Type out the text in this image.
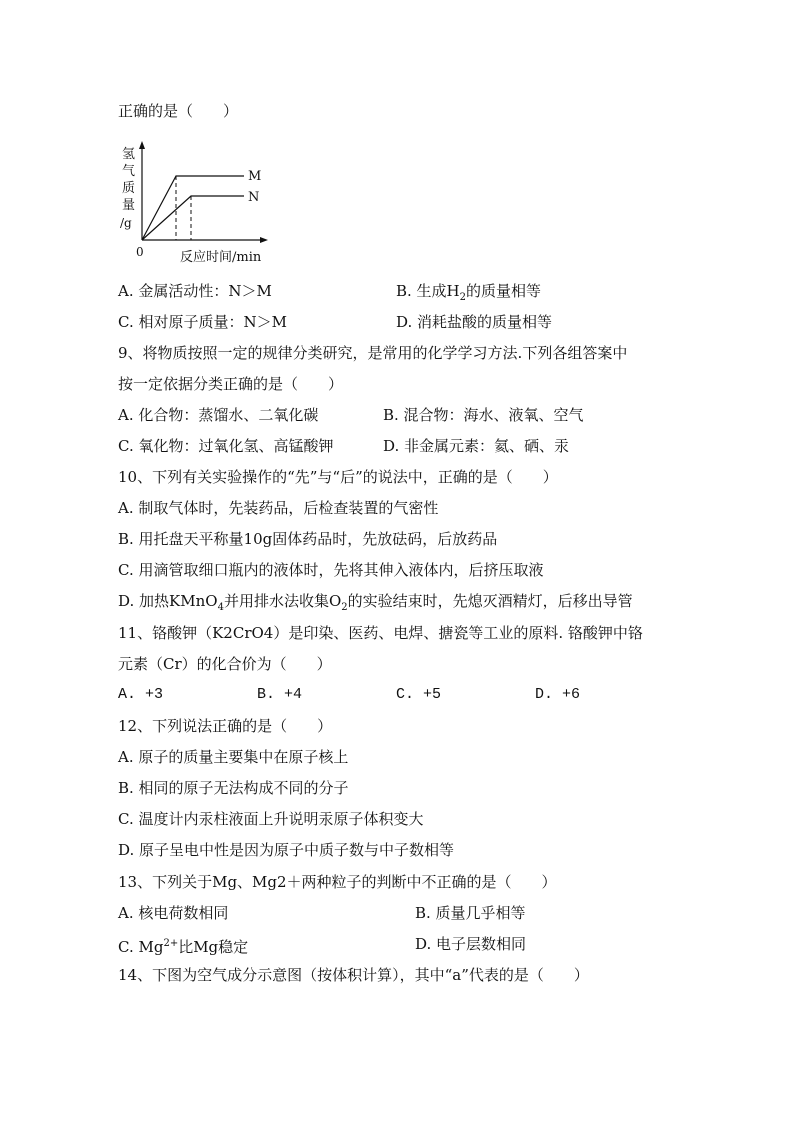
正确的是（　　）
氢
气
质
量
/g
M
N
0	反应时间/min
A. 金属活动性：N＞M	B. 生成$H_2$的质量相等
C. 相对原子质量：N＞M	D. 消耗盐酸的质量相等
9、将物质按照一定的规律分类研究，是常用的化学学习方法.下列各组答案中
按一定依据分类正确的是（　　）
A. 化合物：蒸馏水、二氧化碳	B. 混合物：海水、液氧、空气
C. 氧化物：过氧化氢、高锰酸钾	D. 非金属元素：氦、硒、汞
10、下列有关实验操作的“先”与“后”的说法中，正确的是（　　）
A. 制取气体时，先装药品，后检查装置的气密性
B. 用托盘天平称量10g固体药品时，先放砝码，后放药品
C. 用滴管取细口瓶内的液体时，先将其伸入液体内，后挤压取液
D. 加热KMnO$_4$并用排水法收集$O_2$的实验结束时，先熄灭酒精灯，后移出导管
11、铬酸钾（K2CrO4）是印染、医药、电焊、搪瓷等工业的原料. 铬酸钾中铬
元素（Cr）的化合价为（　　）
A. +3	B. +4	C. +5	D. +6
12、下列说法正确的是（　　）
A. 原子的质量主要集中在原子核上
B. 相同的原子无法构成不同的分子
C. 温度计内汞柱液面上升说明汞原子体积变大
D. 原子呈电中性是因为原子中质子数与中子数相等
13、下列关于Mg、Mg2＋两种粒子的判断中不正确的是（　　）
A. 核电荷数相同	B. 质量几乎相等
C. $Mg^{2+}$比Mg稳定	D. 电子层数相同
14、下图为空气成分示意图（按体积计算），其中“a”代表的是（　　）
